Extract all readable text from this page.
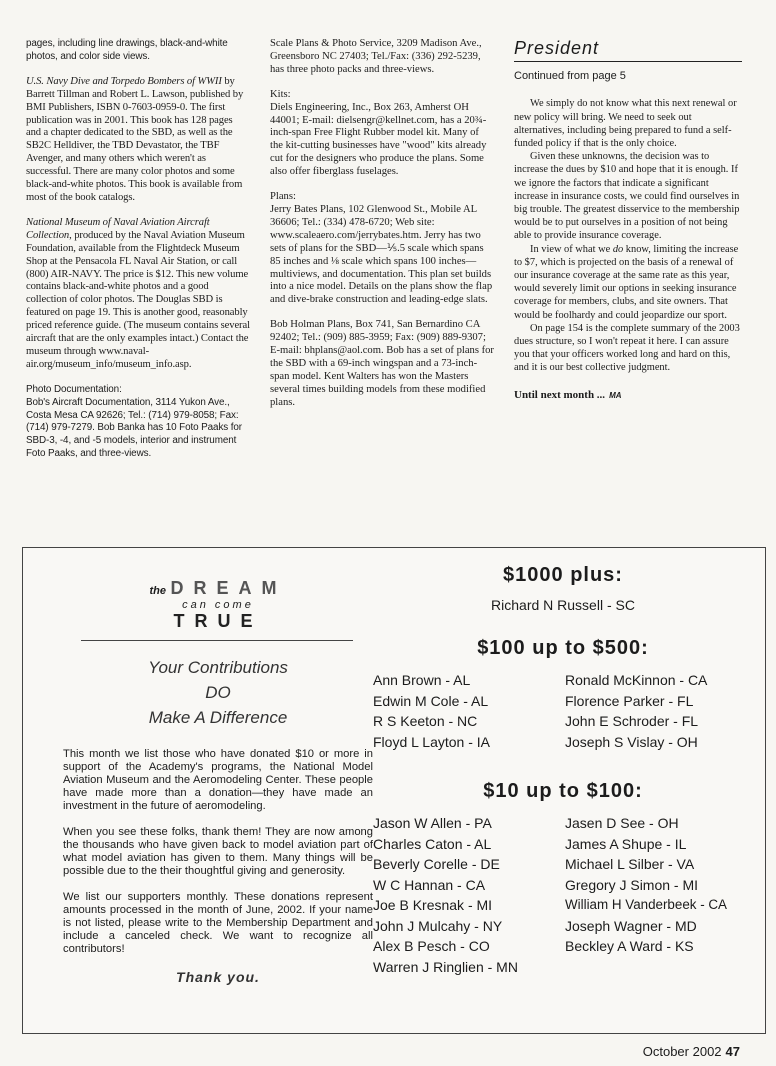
pages, including line drawings, black-and-white photos, and color side views.

U.S. Navy Dive and Torpedo Bombers of WWII by Barrett Tillman and Robert L. Lawson, published by BMI Publishers, ISBN 0-7603-0959-0. The first publication was in 2001. This book has 128 pages and a chapter dedicated to the SBD, as well as the SB2C Helldiver, the TBD Devastator, the TBF Avenger, and many others which weren't as successful. There are many color photos and some black-and-white photos. This book is available from most of the book catalogs.

National Museum of Naval Aviation Aircraft Collection, produced by the Naval Aviation Museum Foundation, available from the Flightdeck Museum Shop at the Pensacola FL Naval Air Station, or call (800) AIR-NAVY. The price is $12. This new volume contains black-and-white photos and a good collection of color photos. The Douglas SBD is featured on page 19. This is another good, reasonably priced reference guide. (The museum contains several aircraft that are the only examples intact.) Contact the museum through www.naval-air.org/museum_info/museum_info.asp.

Photo Documentation:
Bob's Aircraft Documentation, 3114 Yukon Ave., Costa Mesa CA 92626; Tel.: (714) 979-8058; Fax: (714) 979-7279. Bob Banka has 10 Foto Paaks for SBD-3, -4, and -5 models, interior and instrument Foto Paaks, and three-views.

Scale Plans & Photo Service, 3209 Madison Ave., Greensboro NC 27403; Tel./Fax: (336) 292-5239, has three photo packs and three-views.

Kits:
Diels Engineering, Inc., Box 263, Amherst OH 44001; E-mail: dielsengr@kellnet.com, has a 20¾-inch-span Free Flight Rubber model kit. Many of the kit-cutting businesses have "wood" kits already cut for the designers who produce the plans. Some also offer fiberglass fuselages.

Plans:
Jerry Bates Plans, 102 Glenwood St., Mobile AL 36606; Tel.: (334) 478-6720; Web site: www.scaleaero.com/jerrybates.htm. Jerry has two sets of plans for the SBD—⅕.5 scale which spans 85 inches and ⅛ scale which spans 100 inches—multiviews, and documentation. This plan set builds into a nice model. Details on the plans show the flap and dive-brake construction and leading-edge slats.

Bob Holman Plans, Box 741, San Bernardino CA 92402; Tel.: (909) 885-3959; Fax: (909) 889-9307; E-mail: bhplans@aol.com. Bob has a set of plans for the SBD with a 69-inch wingspan and a 73-inch-span model. Kent Walters has won the Masters several times building models from these modified plans.

President
Continued from page 5

We simply do not know what this next renewal or new policy will bring. We need to seek out alternatives, including being prepared to fund a self-funded policy if that is the only choice.

Given these unknowns, the decision was to increase the dues by $10 and hope that it is enough. If we ignore the factors that indicate a significant increase in insurance costs, we could find ourselves in big trouble. The greatest disservice to the membership would be to put ourselves in a position of not being able to provide insurance coverage.

In view of what we do know, limiting the increase to $7, which is projected on the basis of a renewal of our insurance coverage at the same rate as this year, would severely limit our options in seeking insurance coverage for members, clubs, and site owners. That would be foolhardy and could jeopardize our sport.

On page 154 is the complete summary of the 2003 dues structure, so I won't repeat it here. I can assure you that your officers worked long and hard on this, and it is our best collective judgment.

Until next month ... MA

the DREAM
can come
TRUE
Your Contributions
DO
Make A Difference

This month we list those who have donated $10 or more in support of the Academy's programs, the National Model Aviation Museum and the Aeromodeling Center. These people have made more than a donation—they have made an investment in the future of aeromodeling.

When you see these folks, thank them! They are now among the thousands who have given back to model aviation part of what model aviation has given to them. Many things will be possible due to the their thoughtful giving and generosity.

We list our supporters monthly. These donations represent amounts processed in the month of June, 2002. If your name is not listed, please write to the Membership Department and include a canceled check. We want to recognize all contributors!

Thank you.
$1000 plus:
Richard N Russell - SC
$100 up to $500:
Ann Brown - AL	Ronald McKinnon - CA
Edwin M Cole - AL	Florence Parker - FL
R S Keeton - NC	John E Schroder - FL
Floyd L Layton - IA	Joseph S Vislay - OH
$10 up to $100:
Jason W Allen - PA	Jasen D See - OH
Charles Caton - AL	James A Shupe - IL
Beverly Corelle - DE	Michael L Silber - VA
W C Hannan - CA	Gregory J Simon - MI
Joe B Kresnak - MI	William H Vanderbeek - CA
John J Mulcahy - NY	Joseph Wagner - MD
Alex B Pesch - CO	Beckley A Ward - KS
Warren J Ringlien - MN
October 2002 47
